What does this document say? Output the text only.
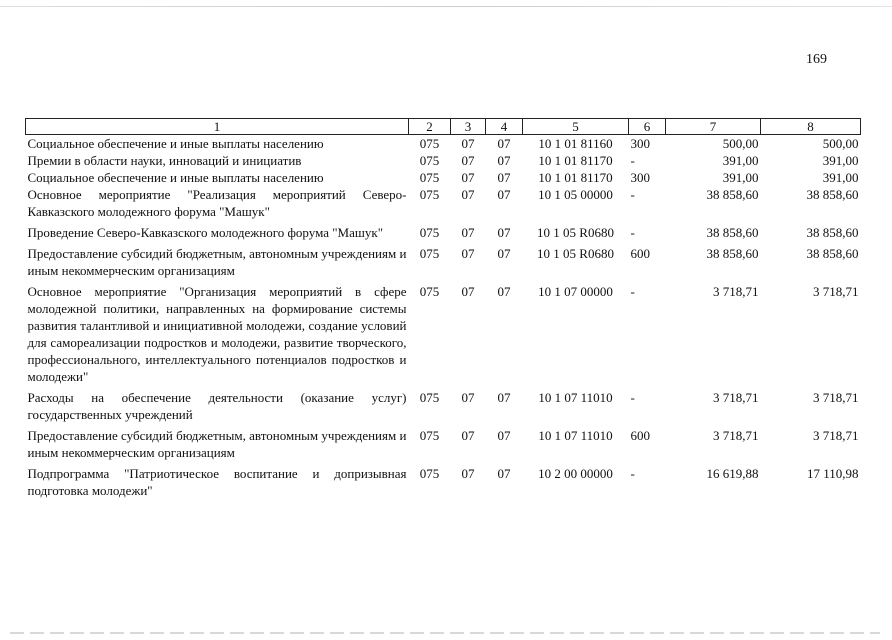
169
1	2	3	4	5	6	7	8
Социальное обеспечение и иные выплаты населению	075	07	07	10 1 01 81160	300	500,00	500,00
Премии в области науки, инноваций и инициатив	075	07	07	10 1 01 81170	-	391,00	391,00
Социальное обеспечение и иные выплаты населению	075	07	07	10 1 01 81170	300	391,00	391,00
Основное мероприятие "Реализация мероприятий Северо-Кавказского молодежного форума "Машук"	075	07	07	10 1 05 00000	-	38 858,60	38 858,60
Проведение Северо-Кавказского молодежного форума "Машук"	075	07	07	10 1 05 R0680	-	38 858,60	38 858,60
Предоставление субсидий бюджетным, автономным учреждениям и иным некоммерческим организациям	075	07	07	10 1 05 R0680	600	38 858,60	38 858,60
Основное мероприятие "Организация мероприятий в сфере молодежной политики, направленных на формирование системы развития талантливой и инициативной молодежи, создание условий для самореализации подростков и молодежи, развитие творческого, профессионального, интеллектуального потенциалов подростков и молодежи"	075	07	07	10 1 07 00000	-	3 718,71	3 718,71
Расходы на обеспечение деятельности (оказание услуг) государственных учреждений	075	07	07	10 1 07 11010	-	3 718,71	3 718,71
Предоставление субсидий бюджетным, автономным учреждениям и иным некоммерческим организациям	075	07	07	10 1 07 11010	600	3 718,71	3 718,71
Подпрограмма "Патриотическое воспитание и допризывная подготовка молодежи"	075	07	07	10 2 00 00000	-	16 619,88	17 110,98
